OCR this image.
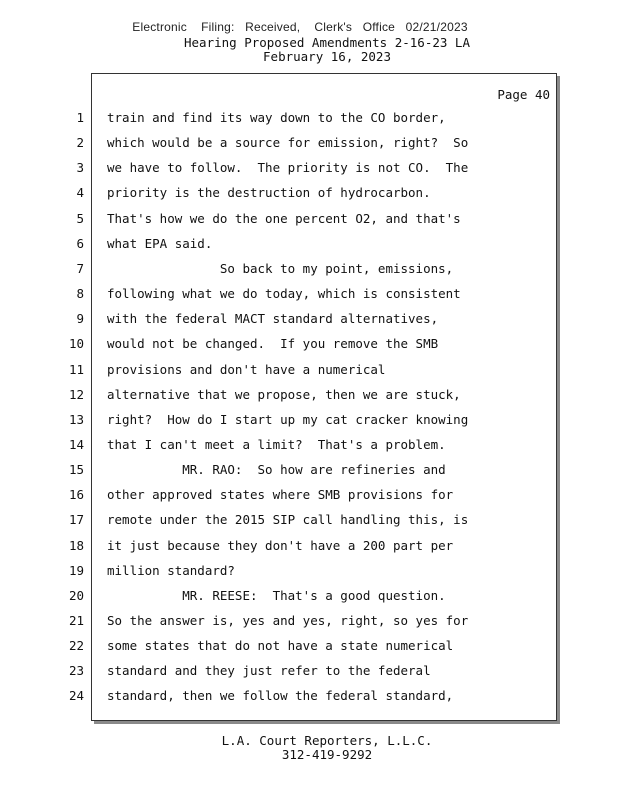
Electronic    Filing:   Received,    Clerk's   Office   02/21/2023
Hearing Proposed Amendments 2-16-23 LA
February 16, 2023
Page 40
1 train and find its way down to the CO border,
2 which would be a source for emission, right?  So
3 we have to follow.  The priority is not CO.  The
4 priority is the destruction of hydrocarbon.
5 That's how we do the one percent O2, and that's
6 what EPA said.
7 So back to my point, emissions,
8 following what we do today, which is consistent
9 with the federal MACT standard alternatives,
10 would not be changed.  If you remove the SMB
11 provisions and don't have a numerical
12 alternative that we propose, then we are stuck,
13 right?  How do I start up my cat cracker knowing
14 that I can't meet a limit?  That's a problem.
15 MR. RAO:  So how are refineries and
16 other approved states where SMB provisions for
17 remote under the 2015 SIP call handling this, is
18 it just because they don't have a 200 part per
19 million standard?
20 MR. REESE:  That's a good question.
21 So the answer is, yes and yes, right, so yes for
22 some states that do not have a state numerical
23 standard and they just refer to the federal
24 standard, then we follow the federal standard,
L.A. Court Reporters, L.L.C.
312-419-9292
